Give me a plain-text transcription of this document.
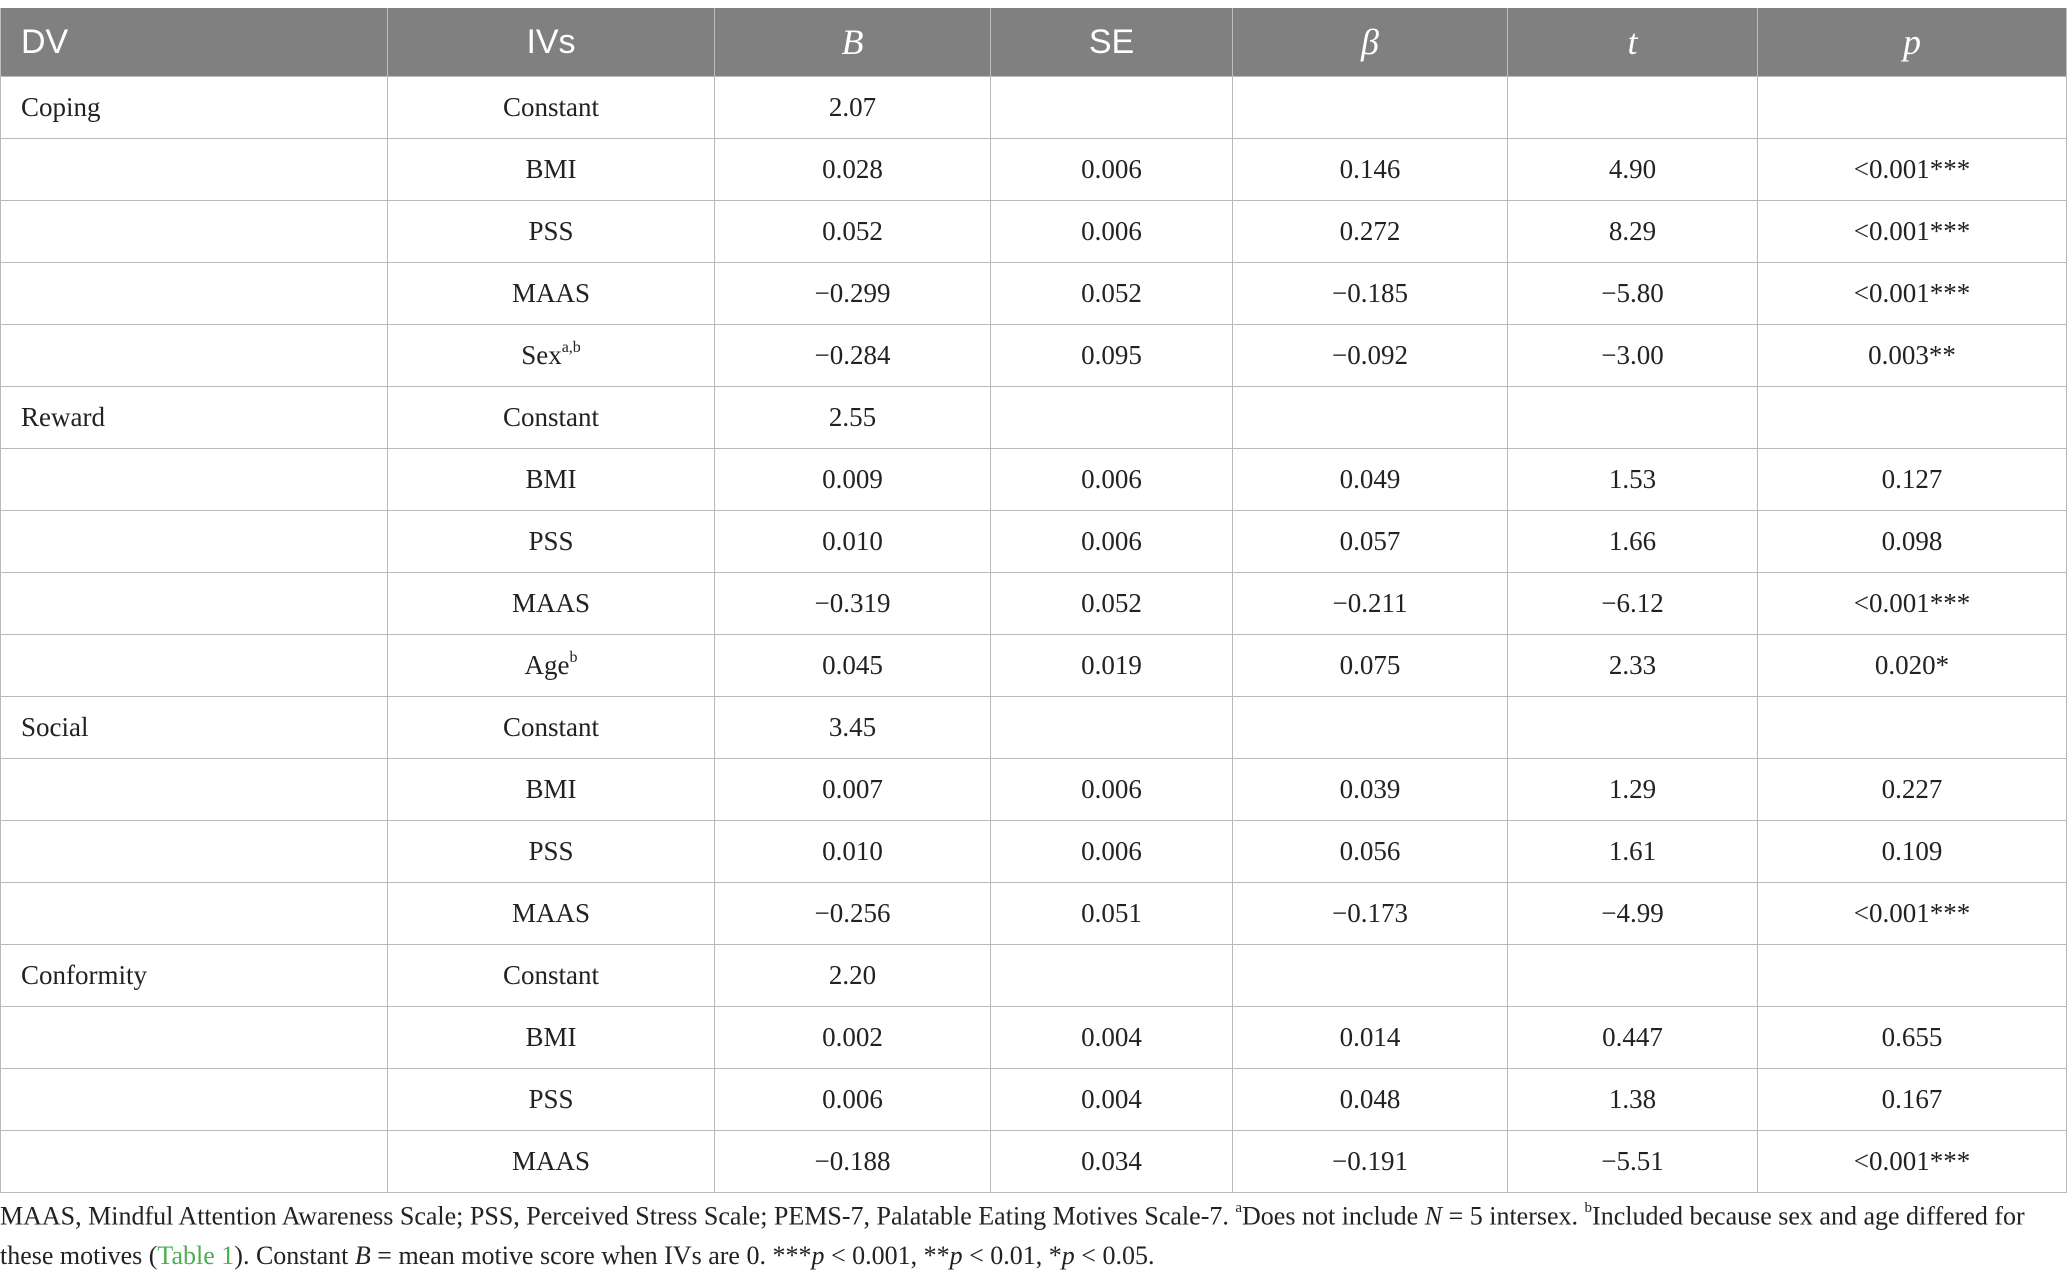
DV	IVs	B	SE	β	t	p
Coping	Constant	2.07				
	BMI	0.028	0.006	0.146	4.90	<0.001***
	PSS	0.052	0.006	0.272	8.29	<0.001***
	MAAS	−0.299	0.052	−0.185	−5.80	<0.001***
	Sex$^{a,b}$	−0.284	0.095	−0.092	−3.00	0.003**
Reward	Constant	2.55				
	BMI	0.009	0.006	0.049	1.53	0.127
	PSS	0.010	0.006	0.057	1.66	0.098
	MAAS	−0.319	0.052	−0.211	−6.12	<0.001***
	Age$^b$	0.045	0.019	0.075	2.33	0.020*
Social	Constant	3.45				
	BMI	0.007	0.006	0.039	1.29	0.227
	PSS	0.010	0.006	0.056	1.61	0.109
	MAAS	−0.256	0.051	−0.173	−4.99	<0.001***
Conformity	Constant	2.20				
	BMI	0.002	0.004	0.014	0.447	0.655
	PSS	0.006	0.004	0.048	1.38	0.167
	MAAS	−0.188	0.034	−0.191	−5.51	<0.001***
MAAS, Mindful Attention Awareness Scale; PSS, Perceived Stress Scale; PEMS-7, Palatable Eating Motives Scale-7. $^a$Does not include N = 5 intersex. $^b$Included because sex and age differed for these motives (Table 1). Constant B = mean motive score when IVs are 0. ***p < 0.001, **p < 0.01, *p < 0.05.
